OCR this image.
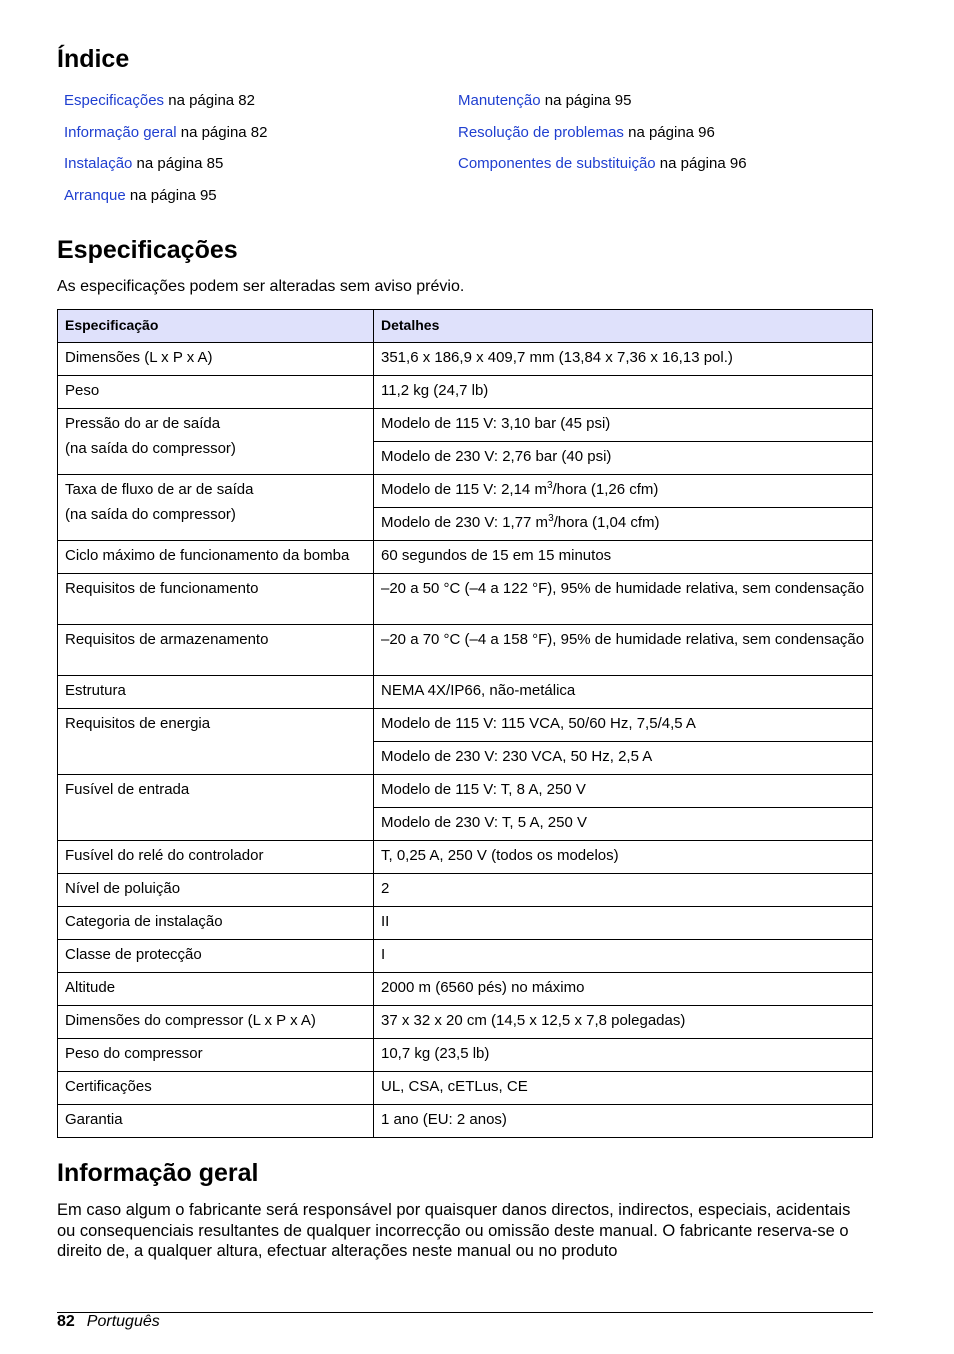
Índice
Especificações na página 82
Informação geral na página 82
Instalação na página 85
Arranque na página 95
Manutenção na página 95
Resolução de problemas na página 96
Componentes de substituição na página 96
Especificações
As especificações podem ser alteradas sem aviso prévio.
Especificação	Detalhes
Dimensões (L x P x A)	351,6 x 186,9 x 409,7 mm (13,84 x 7,36 x 16,13 pol.)
Peso	11,2 kg (24,7 lb)
Pressão do ar de saída
(na saída do compressor)	Modelo de 115 V: 3,10 bar (45 psi)
	Modelo de 230 V: 2,76 bar (40 psi)
Taxa de fluxo de ar de saída
(na saída do compressor)	Modelo de 115 V: 2,14 $m^3$/hora (1,26 cfm)
	Modelo de 230 V: 1,77 $m^3$/hora (1,04 cfm)
Ciclo máximo de funcionamento da bomba	60 segundos de 15 em 15 minutos
Requisitos de funcionamento	–20 a 50 °C (–4 a 122 °F), 95% de humidade relativa, sem condensação
Requisitos de armazenamento	–20 a 70 °C (–4 a 158 °F), 95% de humidade relativa, sem condensação
Estrutura	NEMA 4X/IP66, não-metálica
Requisitos de energia	Modelo de 115 V: 115 VCA, 50/60 Hz, 7,5/4,5 A
	Modelo de 230 V: 230 VCA, 50 Hz, 2,5 A
Fusível de entrada	Modelo de 115 V: T, 8 A, 250 V
	Modelo de 230 V: T, 5 A, 250 V
Fusível do relé do controlador	T, 0,25 A, 250 V (todos os modelos)
Nível de poluição	2
Categoria de instalação	II
Classe de protecção	I
Altitude	2000 m (6560 pés) no máximo
Dimensões do compressor (L x P x A)	37 x 32 x 20 cm (14,5 x 12,5 x 7,8 polegadas)
Peso do compressor	10,7 kg (23,5 lb)
Certificações	UL, CSA, cETLus, CE
Garantia	1 ano (EU: 2 anos)
Informação geral
Em caso algum o fabricante será responsável por quaisquer danos directos, indirectos, especiais, acidentais ou consequenciais resultantes de qualquer incorrecção ou omissão deste manual. O fabricante reserva-se o direito de, a qualquer altura, efectuar alterações neste manual ou no produto
82 Português
